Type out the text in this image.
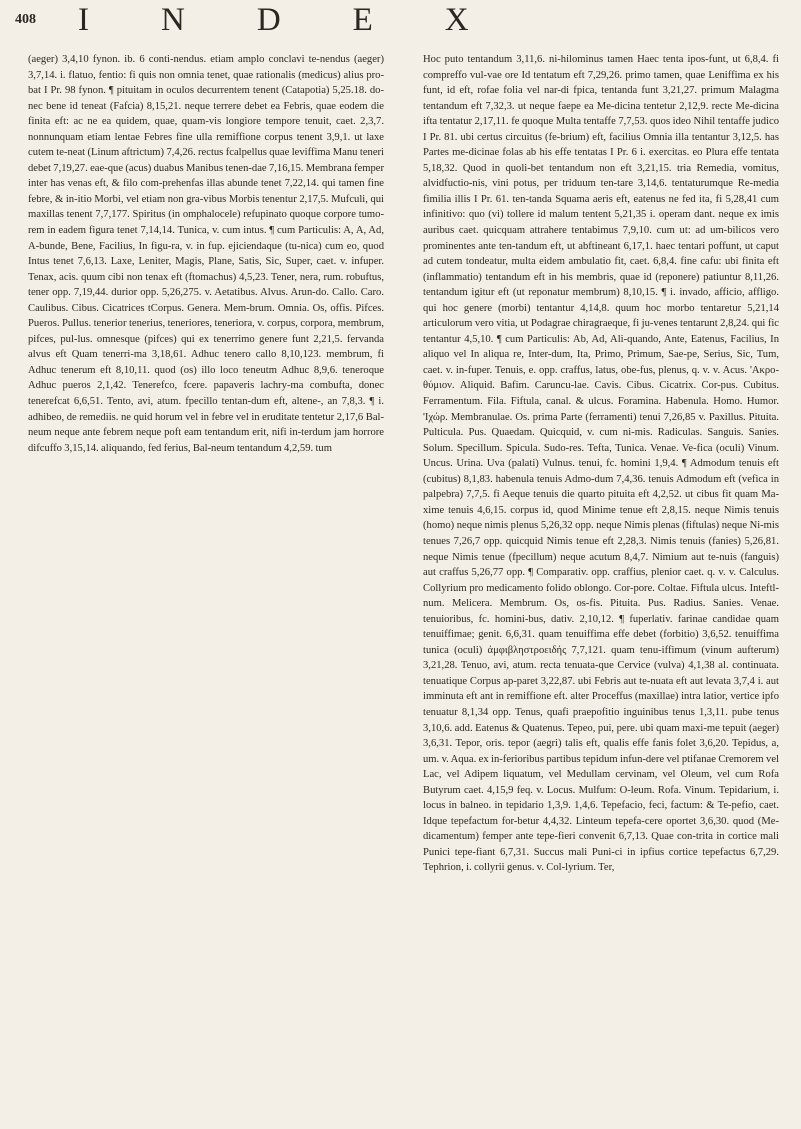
408 INDEX

(aeger) 3,4,10 fynon. ib. 6 conti-nendus. etiam amplo conclavi te-nendus (aeger) 3,7,14. i. flatuo, fentio: fi quis non omnia tenet, quae rationalis (medicus) alius pro-bat I Pr. 98 fynon. ¶ pituitam in oculos decurrentem tenent (Catapotia) 5,25.18. do-nec bene id teneat (Fafcia) 8,15,21. neque terrere debet ea Febris, quae eodem die finita eft: ac ne ea quidem, quae, quam-vis longiore tempore tenuit, caet. 2,3,7. nonnunquam etiam lentae Febres fine ulla remiffione corpus tenent 3,9,1. ut laxe cutem te-neat (Linum aftrictum) 7,4,26. rectus fcalpellus quae leviffima Manu teneri debet 7,19,27. eae-que (acus) duabus Manibus tenen-dae 7,16,15. Membrana femper inter has venas eft, & filo com-prehenfas illas abunde tenet 7,22,14. qui tamen fine febre, & in-itio Morbi, vel etiam non gra-vibus Morbis tenentur 2,17,5. Mufculi, qui maxillas tenent 7,7,177. Spiritus (in omphalocele) refupinato quoque corpore tumo-rem in eadem figura tenet 7,14,14. Tunica, v. cum intus. ¶ cum Particulis: A, A, Ad, A-bunde, Bene, Facilius, In figu-ra, v. in fup. ejiciendaque (tu-nica) cum eo, quod Intus tenet 7,6,13. Laxe, Leniter, Magis, Plane, Satis, Sic, Super, caet. v. infuper. Tenax, acis. quum cibi non tenax eft (ftomachus) 4,5,23. Tener, nera, rum. robuftus, tener opp. 7,19,44. durior opp. 5,26,275. v. Aetatibus. Alvus. Arun-do. Callo. Caro. Caulibus. Cibus. Cicatrices tCorpus. Genera. Mem-brum. Omnia. Os, offis. Pifces. Pueros. Pullus. tenerior tenerius, teneriores, teneriora, v. corpus, corpora, membrum, pifces, pul-lus. omnesque (pifces) qui ex tenerrimo genere funt 2,21,5. fervanda alvus eft Quam tenerri-ma 3,18,61. Adhuc tenero callo 8,10,123. membrum, fi Adhuc tenerum eft 8,10,11. quod (os) illo loco teneutm Adhuc 8,9,6. teneroque Adhuc pueros 2,1,42. Tenerefco, fcere. papaveris lachry-ma combufta, donec tenerefcat 6,6,51. Tento, avi, atum. fpecillo tentan-dum eft, altene-, an 7,8,3. ¶ i. adhibeo, de remediis. ne quid horum vel in febre vel in eruditate tentetur 2,17,6 Bal-neum neque ante febrem neque poft eam tentandum erit, nifi in-terdum jam horrore difcuffo 3,15,14. aliquando, fed ferius, Bal-neum tentandum 4,2,59. tum

Hoc puto tentandum 3,11,6. ni-hilominus tamen Haec tenta ipos-funt, ut 6,8,4. fi compreffo vul-vae ore Id tentatum eft 7,29,26. primo tamen, quae Leniffima ex his funt, id eft, rofae folia vel nar-di fpica, tentanda funt 3,21,27. primum Malagma tentandum eft 7,32,3. ut neque faepe ea Me-dicina tentetur 2,12,9. recte Me-dicina ifta tentatur 2,17,11. fe quoque Multa tentaffe 7,7,53. quos ideo Nihil tentaffe judico I Pr. 81. ubi certus circuitus (fe-brium) eft, facilius Omnia illa tentantur 3,12,5. has Partes me-dicinae folas ab his effe tentatas I Pr. 6 i. exercitas. eo Plura effe tentata 5,18,32. Quod in quoli-bet tentandum non eft 3,21,15. tria Remedia, vomitus, alvidfuctio-nis, vini potus, per triduum ten-tare 3,14,6. tentaturumque Re-media fimilia illis I Pr. 61. ten-tanda Squama aeris eft, eatenus ne fed ita, fi 5,28,41 cum infinitivo: quo (vi) tollere id malum tentent 5,21,35 i. operam dant. neque ex imis auribus caet. quicquam attrahere tentabimus 7,9,10. cum ut: ad um-bilicos vero prominentes ante ten-tandum eft, ut abftineant 6,17,1. haec tentari poffunt, ut caput ad cutem tondeatur, multa eidem ambulatio fit, caet. 6,8,4. fine cafu: ubi finita eft (inflammatio) tentandum eft in his membris, quae id (reponere) patiuntur 8,11,26. tentandum igitur eft (ut reponatur membrum) 8,10,15. ¶ i. invado, afficio, affligo. qui hoc genere (morbi) tentantur 4,14,8. quum hoc morbo tentaretur 5,21,14 articulorum vero vitia, ut Podagrae chiragraeque, fi ju-venes tentarunt 2,8,24. qui fic tentantur 4,5,10. ¶ cum Particulis: Ab, Ad, Ali-quando, Ante, Eatenus, Facilius, In aliquo vel In aliqua re, Inter-dum, Ita, Primo, Primum, Sae-pe, Serius, Sic, Tum, caet. v. in-fuper. Tenuis, e. opp. craffus, latus, obe-fus, plenus, q. v. v. Acus. 'Ακρο-θύμιον. Aliquid. Bafim. Caruncu-lae. Cavis. Cibus. Cicatrix. Cor-pus. Cubitus. Ferramentum. Fila. Fiftula, canal. & ulcus. Foramina. Habenula. Homo. Humor. 'Ιχώρ. Membranulae. Os. prima Parte (ferramenti) tenui 7,26,85 v. Paxillus. Pituita. Pulticula. Pus. Quaedam. Quicquid, v. cum ni-mis. Radiculas. Sanguis. Sanies. Solum. Specillum. Spicula. Sudo-res. Tefta, Tunica. Venae. Ve-fica (oculi) Vinum. Uncus. Urina. Uva (palati) Vulnus. tenui, fc. homini 1,9,4. ¶ Admodum tenuis eft (cubitus) 8,1,83. habenula tenuis Admo-dum 7,4,36. tenuis Admodum eft (vefica in palpebra) 7,7,5. fi Aeque tenuis die quarto pituita eft 4,2,52. ut cibus fit quam Ma-xime tenuis 4,6,15. corpus id, quod Minime tenue eft 2,8,15. neque Nimis tenuis (homo) neque nimis plenus 5,26,32 opp. neque Nimis plenas (fiftulas) neque Ni-mis tenues 7,26,7 opp. quicquid Nimis tenue eft 2,28,3. Nimis tenuis (fanies) 5,26,81. neque Nimis tenue (fpecillum) neque acutum 8,4,7. Nimium aut te-nuis (fanguis) aut craffus 5,26,77 opp. ¶ Comparativ. opp. craffius, plenior caet. q. v. v. Calculus. Collyrium pro medicamento folido oblongo. Cor-pore. Coltae. Fiftula ulcus. Inteftl-num. Melicera. Membrum. Os, os-fis. Pituita. Pus. Radius. Sanies. Venae. tenuioribus, fc. homini-bus, dativ. 2,10,12. ¶ fuperlativ. farinae candidae quam tenuiffimae; genit. 6,6,31. quam tenuiffima effe debet (forbitio) 3,6,52. tenuiffima tunica (oculi) ἀμφιβληστροειδής 7,7,121. quam tenu-iffimum (vinum aufterum) 3,21,28. Tenuo, avi, atum. recta tenuata-que Cervice (vulva) 4,1,38 al. continuata. tenuatique Corpus ap-paret 3,22,87. ubi Febris aut te-nuata eft aut levata 3,7,4 i. aut imminuta eft ant in remiffione eft. alter Proceffus (maxillae) intra latior, vertice ipfo tenuatur 8,1,34 opp. Tenus, quafi praepofitio inguinibus tenus 1,3,11. pube tenus 3,10,6. add. Eatenus & Quatenus. Tepeo, pui, pere. ubi quam maxi-me tepuit (aeger) 3,6,31. Tepor, oris. tepor (aegri) talis eft, qualis effe fanis folet 3,6,20. Tepidus, a, um. v. Aqua. ex in-ferioribus partibus tepidum infun-dere vel ptifanae Cremorem vel Lac, vel Adipem liquatum, vel Medullam cervinam, vel Oleum, vel cum Rofa Butyrum caet. 4,15,9 feq. v. Locus. Mulfum: O-leum. Rofa. Vinum. Tepidarium, i. locus in balneo. in tepidario 1,3,9. 1,4,6. Tepefacio, feci, factum: & Te-pefio, caet. Idque tepefactum for-betur 4,4,32. Linteum tepefa-cere oportet 3,6,30. quod (Me-dicamentum) femper ante tepe-fieri convenit 6,7,13. Quae con-trita in cortice mali Punici tepe-fiant 6,7,31. Succus mali Puni-ci in ipfius cortice tepefactus 6,7,29. Tephrion, i. collyrii genus. v. Col-lyrium. Ter,
